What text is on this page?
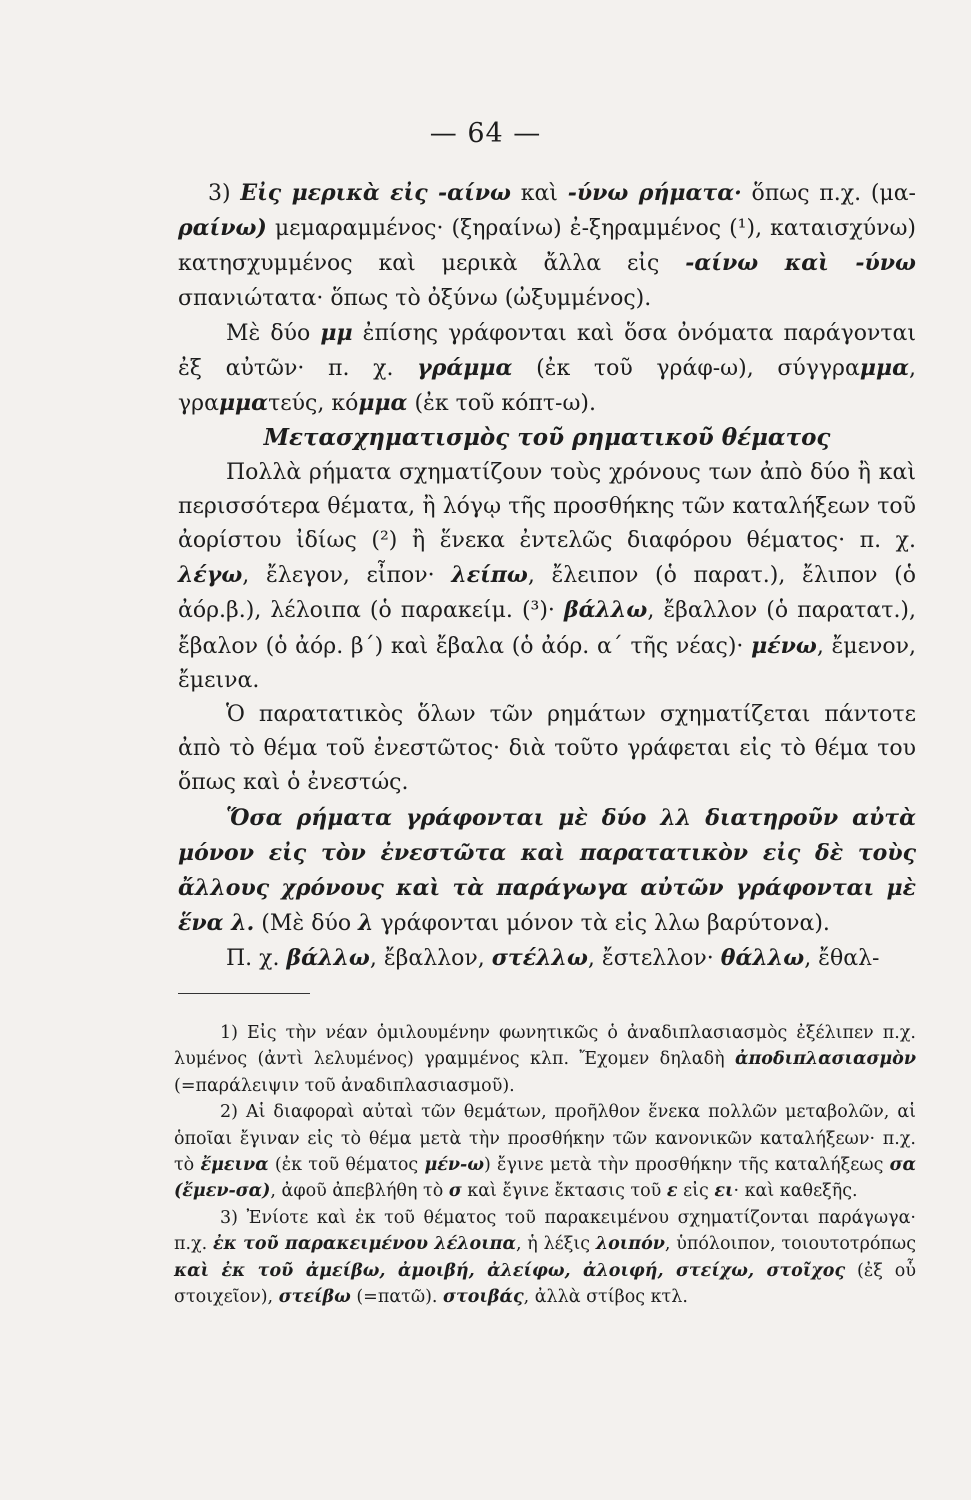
— 64 —

3) Εἰς μερικὰ εἰς -αίνω καὶ -ύνω ρήματα· ὅπως π.χ. (μα- ραίνω) μεμαραμμένος· (ξηραίνω) ἐ-ξηραμμένος (¹), καταισχύνω) κατησχυμμένος καὶ μερικὰ ἄλλα εἰς -αίνω καὶ -ύνω σπανιώτατα· ὅπως τὸ ὀξύνω (ὠξυμμένος).

Μὲ δύο μμ ἐπίσης γράφονται καὶ ὅσα ὀνόματα παράγονται ἐξ αὐτῶν· π. χ. γράμμα (ἐκ τοῦ γράφ-ω), σύγγραμμα, γραμματεύς, κόμμα (ἐκ τοῦ κόπτ-ω).

Μετασχηματισμὸς τοῦ ρηματικοῦ θέματος

Πολλὰ ρήματα σχηματίζουν τοὺς χρόνους των ἀπὸ δύο ἢ καὶ περισσότερα θέματα, ἢ λόγῳ τῆς προσθήκης τῶν καταλήξεων τοῦ ἀορίστου ἰδίως (²) ἢ ἕνεκα ἐντελῶς διαφόρου θέματος· π. χ. λέγω, ἔλεγον, εἶπον· λείπω, ἔλειπον (ὁ παρατ.), ἔλιπον (ὁ ἀόρ.β.), λέλοιπα (ὁ παρακείμ. (³)· βάλλω, ἔβαλλον (ὁ παρατατ.), ἔβαλον (ὁ ἀόρ. β΄) καὶ ἔβαλα (ὁ ἀόρ. α΄ τῆς νέας)· μένω, ἔμενον, ἔμεινα.

Ὁ παρατατικὸς ὅλων τῶν ρημάτων σχηματίζεται πάντοτε ἀπὸ τὸ θέμα τοῦ ἐνεστῶτος· διὰ τοῦτο γράφεται εἰς τὸ θέμα του ὅπως καὶ ὁ ἐνεστώς.

Ὅσα ρήματα γράφονται μὲ δύο λλ διατηροῦν αὐτὰ μόνον εἰς τὸν ἐνεστῶτα καὶ παρατατικὸν εἰς δὲ τοὺς ἄλλους χρόνους καὶ τὰ παράγωγα αὐτῶν γράφονται μὲ ἕνα λ. (Μὲ δύο λ γράφονται μόνον τὰ εἰς λλω βαρύτονα).

Π. χ. βάλλω, ἔβαλλον, στέλλω, ἔστελλον· θάλλω, ἔθαλ-

1) Εἰς τὴν νέαν ὁμιλουμένην φωνητικῶς ὁ ἀναδιπλασιασμὸς ἐξέλιπεν π.χ. λυμένος (ἀντὶ λελυμένος) γραμμένος κλπ. Ἔχομεν δηλαδὴ ἀποδιπλασιασμὸν (=παράλειψιν τοῦ ἀναδιπλασιασμοῦ).

2) Αἱ διαφοραὶ αὐταὶ τῶν θεμάτων, προῆλθον ἕνεκα πολλῶν μεταβολῶν, αἱ ὁποῖαι ἔγιναν εἰς τὸ θέμα μετὰ τὴν προσθήκην τῶν κανονικῶν καταλήξεων· π.χ. τὸ ἔμεινα (ἐκ τοῦ θέματος μέν-ω) ἔγινε μετὰ τὴν προσθήκην τῆς καταλήξεως σα (ἔμεν-σα), ἀφοῦ ἀπεβλήθη τὸ σ καὶ ἔγινε ἔκτασις τοῦ ε εἰς ει· καὶ καθεξῆς.

3) Ἐνίοτε καὶ ἐκ τοῦ θέματος τοῦ παρακειμένου σχηματίζονται παράγωγα· π.χ. ἐκ τοῦ παρακειμένου λέλοιπα, ἡ λέξις λοιπόν, ὑπόλοιπον, τοιουτοτρόπως καὶ ἐκ τοῦ ἀμείβω, ἀμοιβή, ἀλείφω, ἀλοιφή, στείχω, στοῖχος (ἐξ οὗ στοιχεῖον), στείβω (=πατῶ). στοιβάς, ἀλλὰ στίβος κτλ.
